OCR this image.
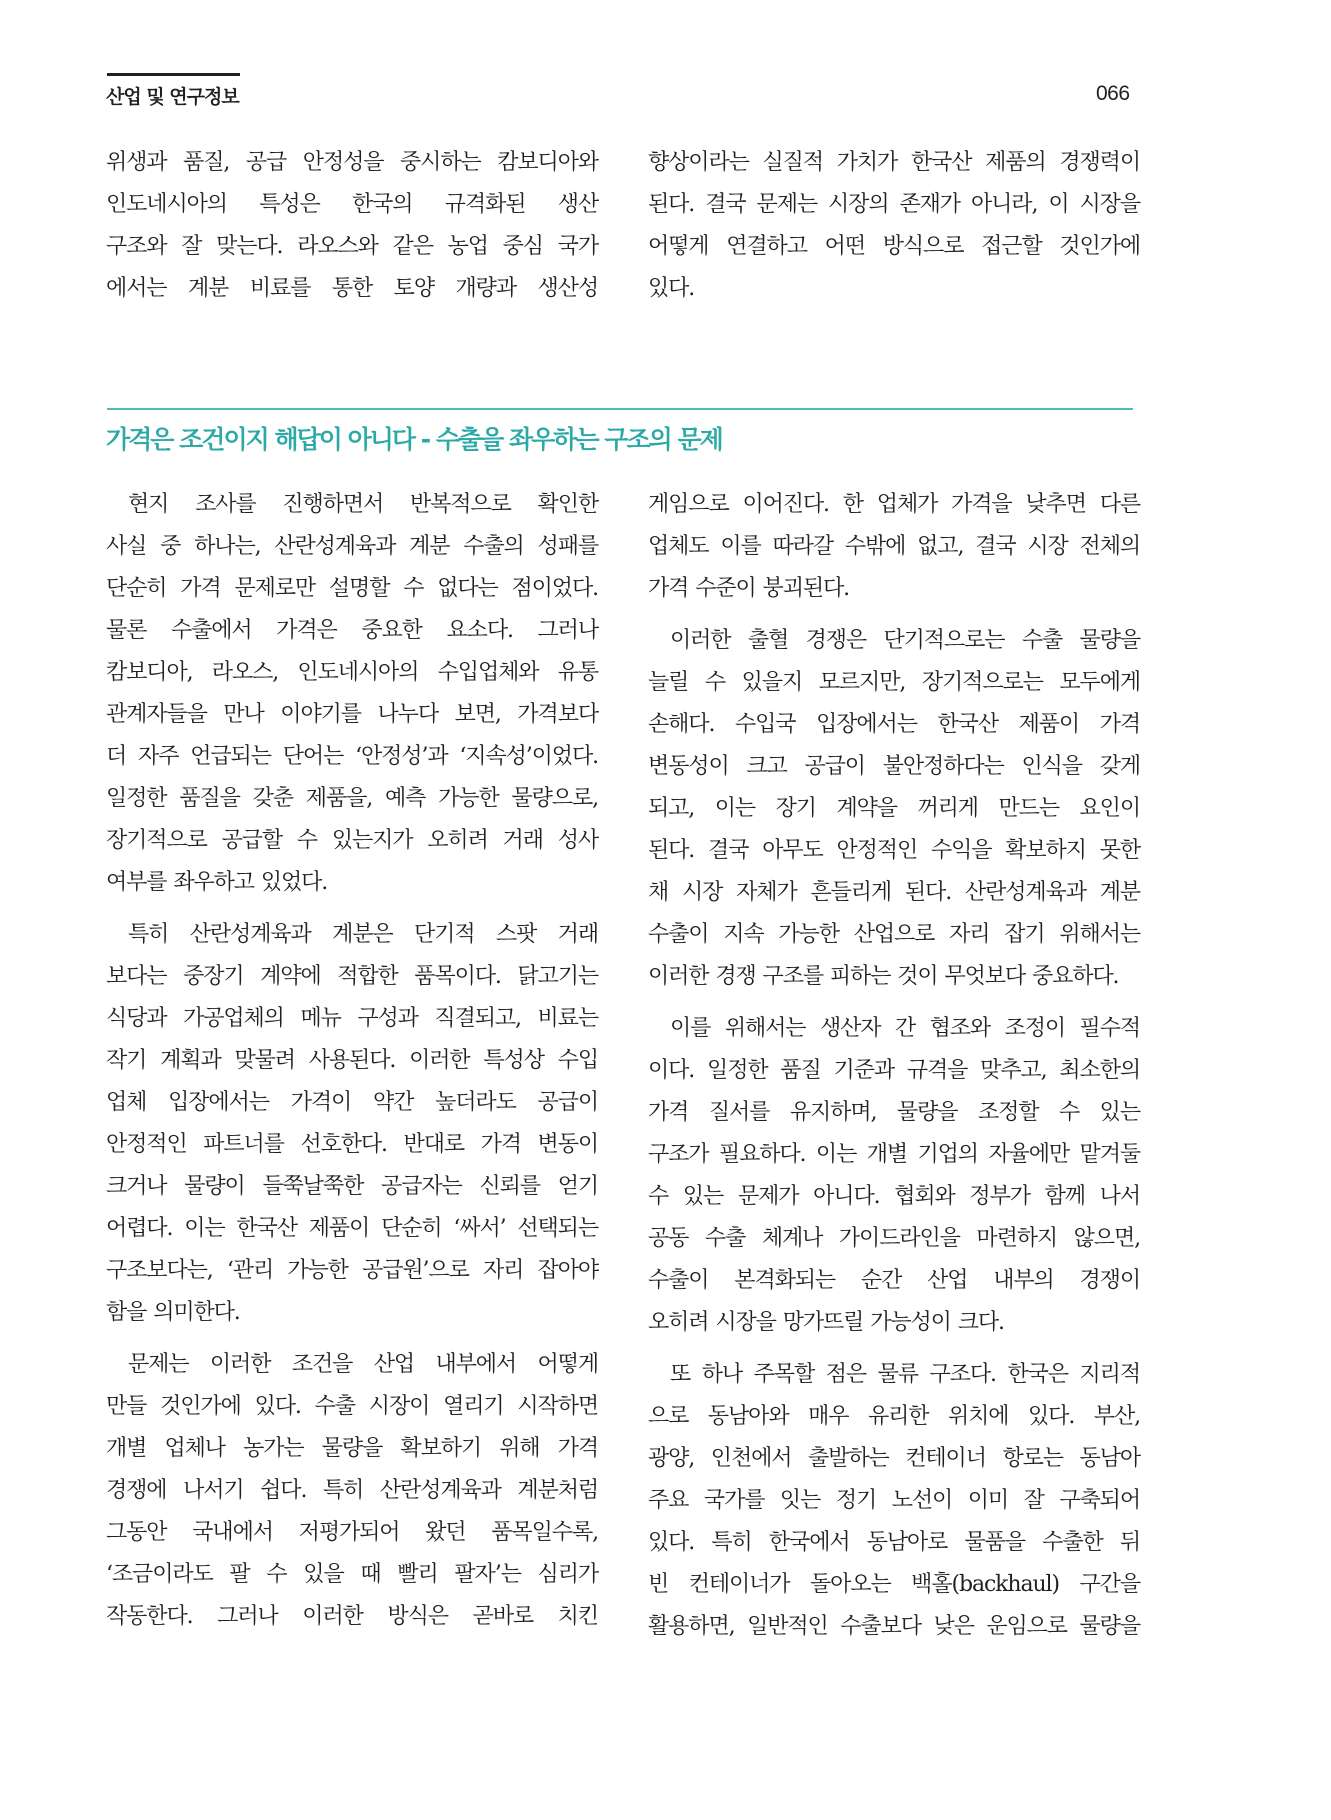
산업 및 연구정보	066
위생과 품질, 공급 안정성을 중시하는 캄보디아와
인도네시아의 특성은 한국의 규격화된 생산
구조와 잘 맞는다. 라오스와 같은 농업 중심 국가
에서는 계분 비료를 통한 토양 개량과 생산성
향상이라는 실질적 가치가 한국산 제품의 경쟁력이
된다. 결국 문제는 시장의 존재가 아니라, 이 시장을
어떻게 연결하고 어떤 방식으로 접근할 것인가에
있다.
가격은 조건이지 해답이 아니다 - 수출을 좌우하는 구조의 문제
현지 조사를 진행하면서 반복적으로 확인한
사실 중 하나는, 산란성계육과 계분 수출의 성패를
단순히 가격 문제로만 설명할 수 없다는 점이었다.
물론 수출에서 가격은 중요한 요소다. 그러나
캄보디아, 라오스, 인도네시아의 수입업체와 유통
관계자들을 만나 이야기를 나누다 보면, 가격보다
더 자주 언급되는 단어는 ‘안정성’과 ‘지속성’이었다.
일정한 품질을 갖춘 제품을, 예측 가능한 물량으로,
장기적으로 공급할 수 있는지가 오히려 거래 성사
여부를 좌우하고 있었다.
특히 산란성계육과 계분은 단기적 스팟 거래
보다는 중장기 계약에 적합한 품목이다. 닭고기는
식당과 가공업체의 메뉴 구성과 직결되고, 비료는
작기 계획과 맞물려 사용된다. 이러한 특성상 수입
업체 입장에서는 가격이 약간 높더라도 공급이
안정적인 파트너를 선호한다. 반대로 가격 변동이
크거나 물량이 들쭉날쭉한 공급자는 신뢰를 얻기
어렵다. 이는 한국산 제품이 단순히 ‘싸서’ 선택되는
구조보다는, ‘관리 가능한 공급원’으로 자리 잡아야
함을 의미한다.
문제는 이러한 조건을 산업 내부에서 어떻게
만들 것인가에 있다. 수출 시장이 열리기 시작하면
개별 업체나 농가는 물량을 확보하기 위해 가격
경쟁에 나서기 쉽다. 특히 산란성계육과 계분처럼
그동안 국내에서 저평가되어 왔던 품목일수록,
‘조금이라도 팔 수 있을 때 빨리 팔자’는 심리가
작동한다. 그러나 이러한 방식은 곧바로 치킨
게임으로 이어진다. 한 업체가 가격을 낮추면 다른
업체도 이를 따라갈 수밖에 없고, 결국 시장 전체의
가격 수준이 붕괴된다.
이러한 출혈 경쟁은 단기적으로는 수출 물량을
늘릴 수 있을지 모르지만, 장기적으로는 모두에게
손해다. 수입국 입장에서는 한국산 제품이 가격
변동성이 크고 공급이 불안정하다는 인식을 갖게
되고, 이는 장기 계약을 꺼리게 만드는 요인이
된다. 결국 아무도 안정적인 수익을 확보하지 못한
채 시장 자체가 흔들리게 된다. 산란성계육과 계분
수출이 지속 가능한 산업으로 자리 잡기 위해서는
이러한 경쟁 구조를 피하는 것이 무엇보다 중요하다.
이를 위해서는 생산자 간 협조와 조정이 필수적
이다. 일정한 품질 기준과 규격을 맞추고, 최소한의
가격 질서를 유지하며, 물량을 조정할 수 있는
구조가 필요하다. 이는 개별 기업의 자율에만 맡겨둘
수 있는 문제가 아니다. 협회와 정부가 함께 나서
공동 수출 체계나 가이드라인을 마련하지 않으면,
수출이 본격화되는 순간 산업 내부의 경쟁이
오히려 시장을 망가뜨릴 가능성이 크다.
또 하나 주목할 점은 물류 구조다. 한국은 지리적
으로 동남아와 매우 유리한 위치에 있다. 부산,
광양, 인천에서 출발하는 컨테이너 항로는 동남아
주요 국가를 잇는 정기 노선이 이미 잘 구축되어
있다. 특히 한국에서 동남아로 물품을 수출한 뒤
빈 컨테이너가 돌아오는 백홀(backhaul) 구간을
활용하면, 일반적인 수출보다 낮은 운임으로 물량을
